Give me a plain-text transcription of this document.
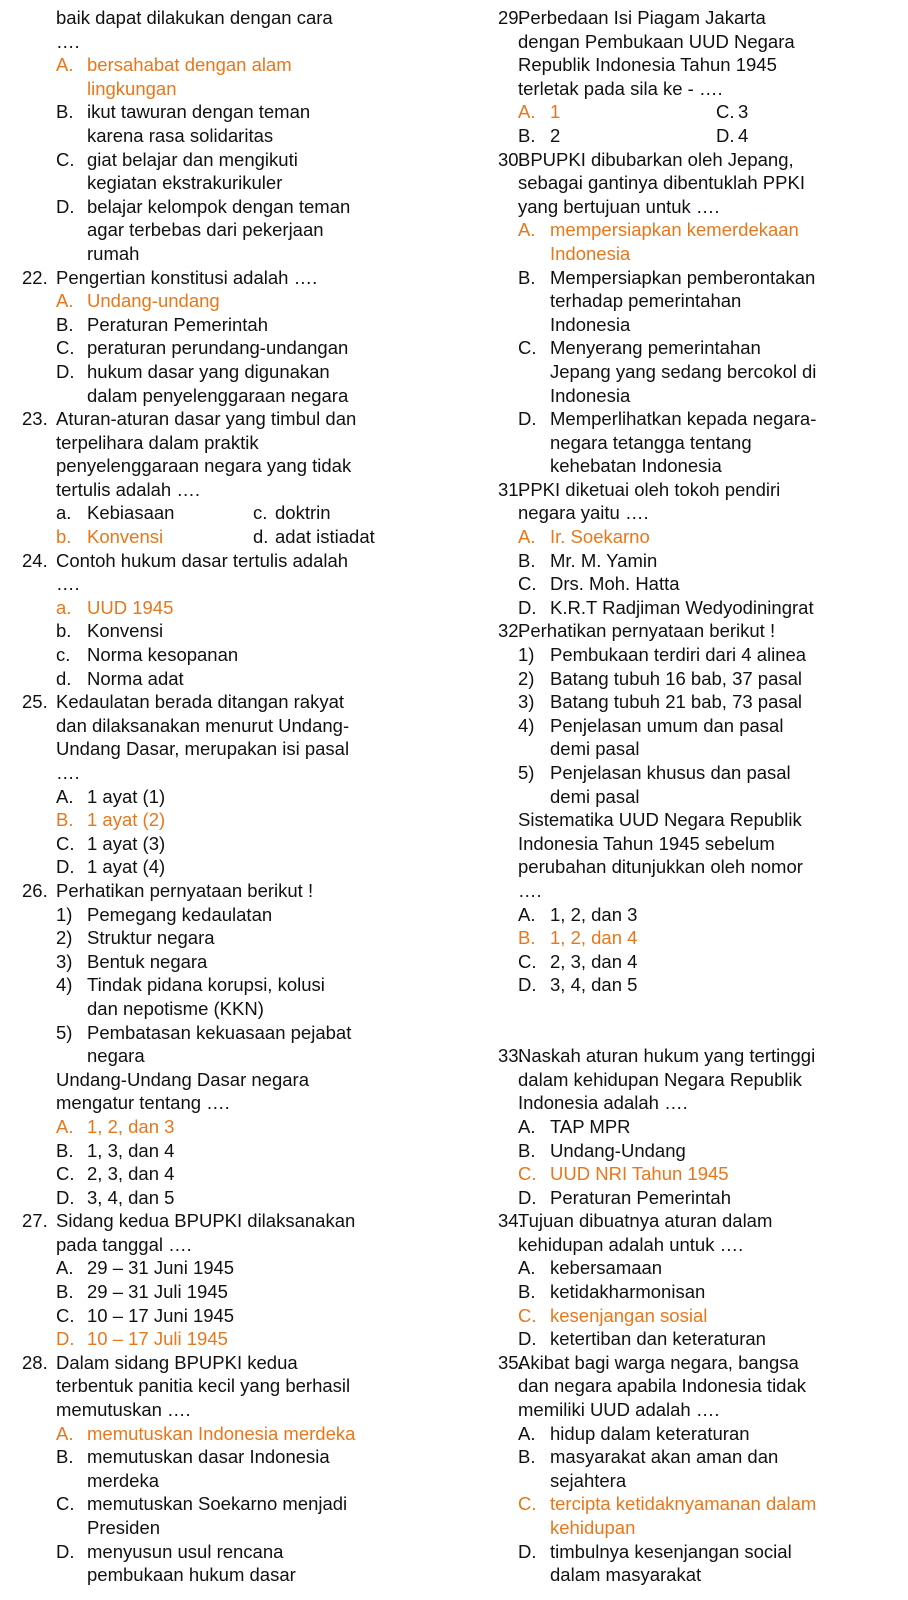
baik dapat dilakukan dengan cara
….
A. bersahabat dengan alam
lingkungan
B. ikut tawuran dengan teman
karena rasa solidaritas
C. giat belajar dan mengikuti
kegiatan ekstrakurikuler
D. belajar kelompok dengan teman
agar terbebas dari pekerjaan
rumah
22. Pengertian konstitusi adalah ….
A. Undang-undang
B. Peraturan Pemerintah
C. peraturan perundang-undangan
D. hukum dasar yang digunakan
dalam penyelenggaraan negara
23. Aturan-aturan dasar yang timbul dan
terpelihara dalam praktik
penyelenggaraan negara yang tidak
tertulis adalah ….
a. Kebiasaan	c. doktrin
b. Konvensi	d. adat istiadat
24. Contoh hukum dasar tertulis adalah
….
a. UUD 1945
b. Konvensi
c. Norma kesopanan
d. Norma adat
25. Kedaulatan berada ditangan rakyat
dan dilaksanakan menurut Undang-
Undang Dasar, merupakan isi pasal
….
A. 1 ayat (1)
B. 1 ayat (2)
C. 1 ayat (3)
D. 1 ayat (4)
26. Perhatikan pernyataan berikut !
1) Pemegang kedaulatan
2) Struktur negara
3) Bentuk negara
4) Tindak pidana korupsi, kolusi
dan nepotisme (KKN)
5) Pembatasan kekuasaan pejabat
negara
Undang-Undang Dasar negara
mengatur tentang ….
A. 1, 2, dan 3
B. 1, 3, dan 4
C. 2, 3, dan 4
D. 3, 4, dan 5
27. Sidang kedua BPUPKI dilaksanakan
pada tanggal ….
A. 29 – 31 Juni 1945
B. 29 – 31 Juli 1945
C. 10 – 17 Juni 1945
D. 10 – 17 Juli 1945
28. Dalam sidang BPUPKI kedua
terbentuk panitia kecil yang berhasil
memutuskan ….
A. memutuskan Indonesia merdeka
B. memutuskan dasar Indonesia
merdeka
C. memutuskan Soekarno menjadi
Presiden
D. menyusun usul rencana
pembukaan hukum dasar
29.
Perbedaan Isi Piagam Jakarta
dengan Pembukaan UUD Negara
Republik Indonesia Tahun 1945
terletak pada sila ke - ….
A. 1	C. 3
B. 2	D. 4
30.
BPUPKI dibubarkan oleh Jepang,
sebagai gantinya dibentuklah PPKI
yang bertujuan untuk ….
A. mempersiapkan kemerdekaan
Indonesia
B. Mempersiapkan pemberontakan
terhadap pemerintahan
Indonesia
C. Menyerang pemerintahan
Jepang yang sedang bercokol di
Indonesia
D. Memperlihatkan kepada negara-
negara tetangga tentang
kehebatan Indonesia
31.
PPKI diketuai oleh tokoh pendiri
negara yaitu ….
A. Ir. Soekarno
B. Mr. M. Yamin
C. Drs. Moh. Hatta
D. K.R.T Radjiman Wedyodiningrat
32.
Perhatikan pernyataan berikut !
1) Pembukaan terdiri dari 4 alinea
2) Batang tubuh 16 bab, 37 pasal
3) Batang tubuh 21 bab, 73 pasal
4) Penjelasan umum dan pasal
demi pasal
5) Penjelasan khusus dan pasal
demi pasal
Sistematika UUD Negara Republik
Indonesia Tahun 1945 sebelum
perubahan ditunjukkan oleh nomor
….
A. 1, 2, dan 3
B. 1, 2, dan 4
C. 2, 3, dan 4
D. 3, 4, dan 5
33.
Naskah aturan hukum yang tertinggi
dalam kehidupan Negara Republik
Indonesia adalah ….
A. TAP MPR
B. Undang-Undang
C. UUD NRI Tahun 1945
D. Peraturan Pemerintah
34.
Tujuan dibuatnya aturan dalam
kehidupan adalah untuk ….
A. kebersamaan
B. ketidakharmonisan
C. kesenjangan sosial
D. ketertiban dan keteraturan
35.
Akibat bagi warga negara, bangsa
dan negara apabila Indonesia tidak
memiliki UUD adalah ….
A. hidup dalam keteraturan
B. masyarakat akan aman dan
sejahtera
C. tercipta ketidaknyamanan dalam
kehidupan
D. timbulnya kesenjangan social
dalam masyarakat
